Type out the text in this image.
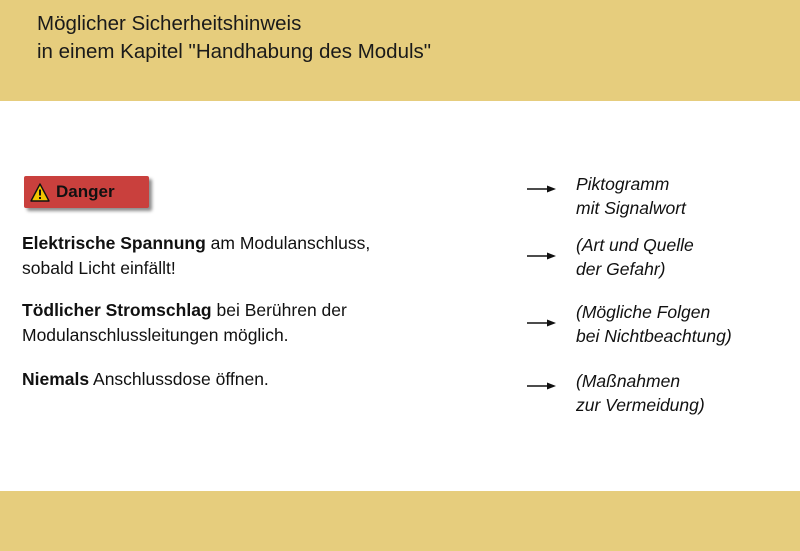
Möglicher Sicherheitshinweis
in einem Kapitel "Handhabung des Moduls"
Danger

Elektrische Spannung am Modulanschluss,
sobald Licht einfällt!

Tödlicher Stromschlag bei Berühren der
Modulanschlussleitungen möglich.

Niemals Anschlussdose öffnen.

Piktogramm
mit Signalwort

(Art und Quelle
der Gefahr)

(Mögliche Folgen
bei Nichtbeachtung)

(Maßnahmen
zur Vermeidung)
